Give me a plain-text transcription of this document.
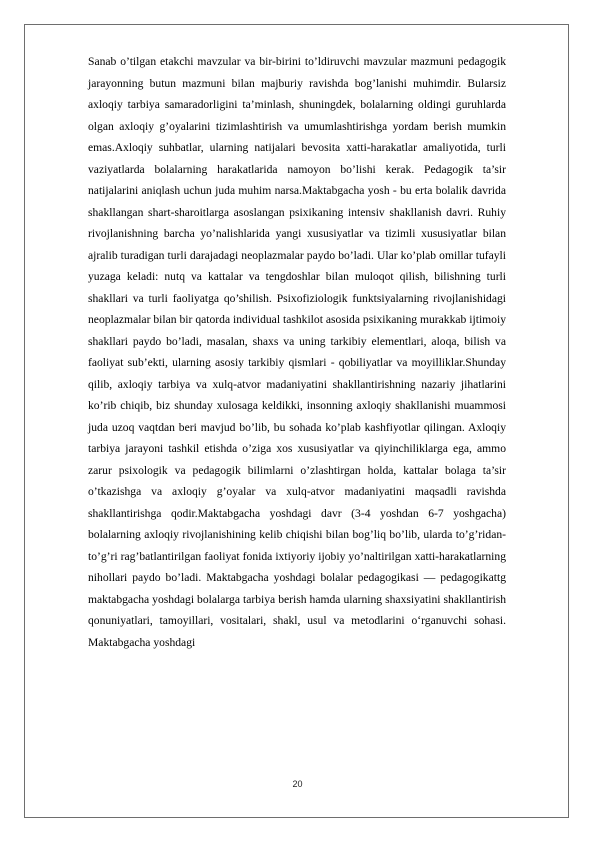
Sanab o’tilgan etakchi mavzular va bir-birini to’ldiruvchi mavzular mazmuni pedagogik jarayonning butun mazmuni bilan majburiy ravishda bog’lanishi muhimdir. Bularsiz axloqiy tarbiya samaradorligini ta’minlash, shuningdek, bolalarning oldingi guruhlarda olgan axloqiy g’oyalarini tizimlashtirish va umumlashtirishga yordam berish mumkin emas.Axloqiy suhbatlar, ularning natijalari bevosita xatti-harakatlar amaliyotida, turli vaziyatlarda bolalarning harakatlarida namoyon bo’lishi kerak. Pedagogik ta’sir natijalarini aniqlash uchun juda muhim narsa.Maktabgacha yosh - bu erta bolalik davrida shakllangan shart-sharoitlarga asoslangan psixikaning intensiv shakllanish davri. Ruhiy rivojlanishning barcha yo’nalishlarida yangi xususiyatlar va tizimli xususiyatlar bilan ajralib turadigan turli darajadagi neoplazmalar paydo bo’ladi. Ular ko’plab omillar tufayli yuzaga keladi: nutq va kattalar va tengdoshlar bilan muloqot qilish, bilishning turli shakllari va turli faoliyatga qo’shilish. Psixofiziologik funktsiyalarning rivojlanishidagi neoplazmalar bilan bir qatorda individual tashkilot asosida psixikaning murakkab ijtimoiy shakllari paydo bo’ladi, masalan, shaxs va uning tarkibiy elementlari, aloqa, bilish va faoliyat sub’ekti, ularning asosiy tarkibiy qismlari - qobiliyatlar va moyilliklar.Shunday qilib, axloqiy tarbiya va xulq-atvor madaniyatini shakllantirishning nazariy jihatlarini ko’rib chiqib, biz shunday xulosaga keldikki, insonning axloqiy shakllanishi muammosi juda uzoq vaqtdan beri mavjud bo’lib, bu sohada ko’plab kashfiyotlar qilingan. Axloqiy tarbiya jarayoni tashkil etishda o’ziga xos xususiyatlar va qiyinchiliklarga ega, ammo zarur psixologik va pedagogik bilimlarni o’zlashtirgan holda, kattalar bolaga ta’sir o’tkazishga va axloqiy g’oyalar va xulq-atvor madaniyatini maqsadli ravishda shakllantirishga qodir.Maktabgacha yoshdagi davr (3-4 yoshdan 6-7 yoshgacha) bolalarning axloqiy rivojlanishining kelib chiqishi bilan bog’liq bo’lib, ularda to’g’ridan-to’g’ri rag’batlantirilgan faoliyat fonida ixtiyoriy ijobiy yo’naltirilgan xatti-harakatlarning nihollari paydo bo’ladi. Maktabgacha yoshdagi bolalar pedagogikasi — pedagogikattg maktabgacha yoshdagi bolalarga tarbiya berish hamda ularning shaxsiyatini shakllantirish qonuniyatlari, tamoyillari, vositalari, shakl, usul va metodlarini o‘rganuvchi sohasi. Maktabgacha yoshdagi

20
